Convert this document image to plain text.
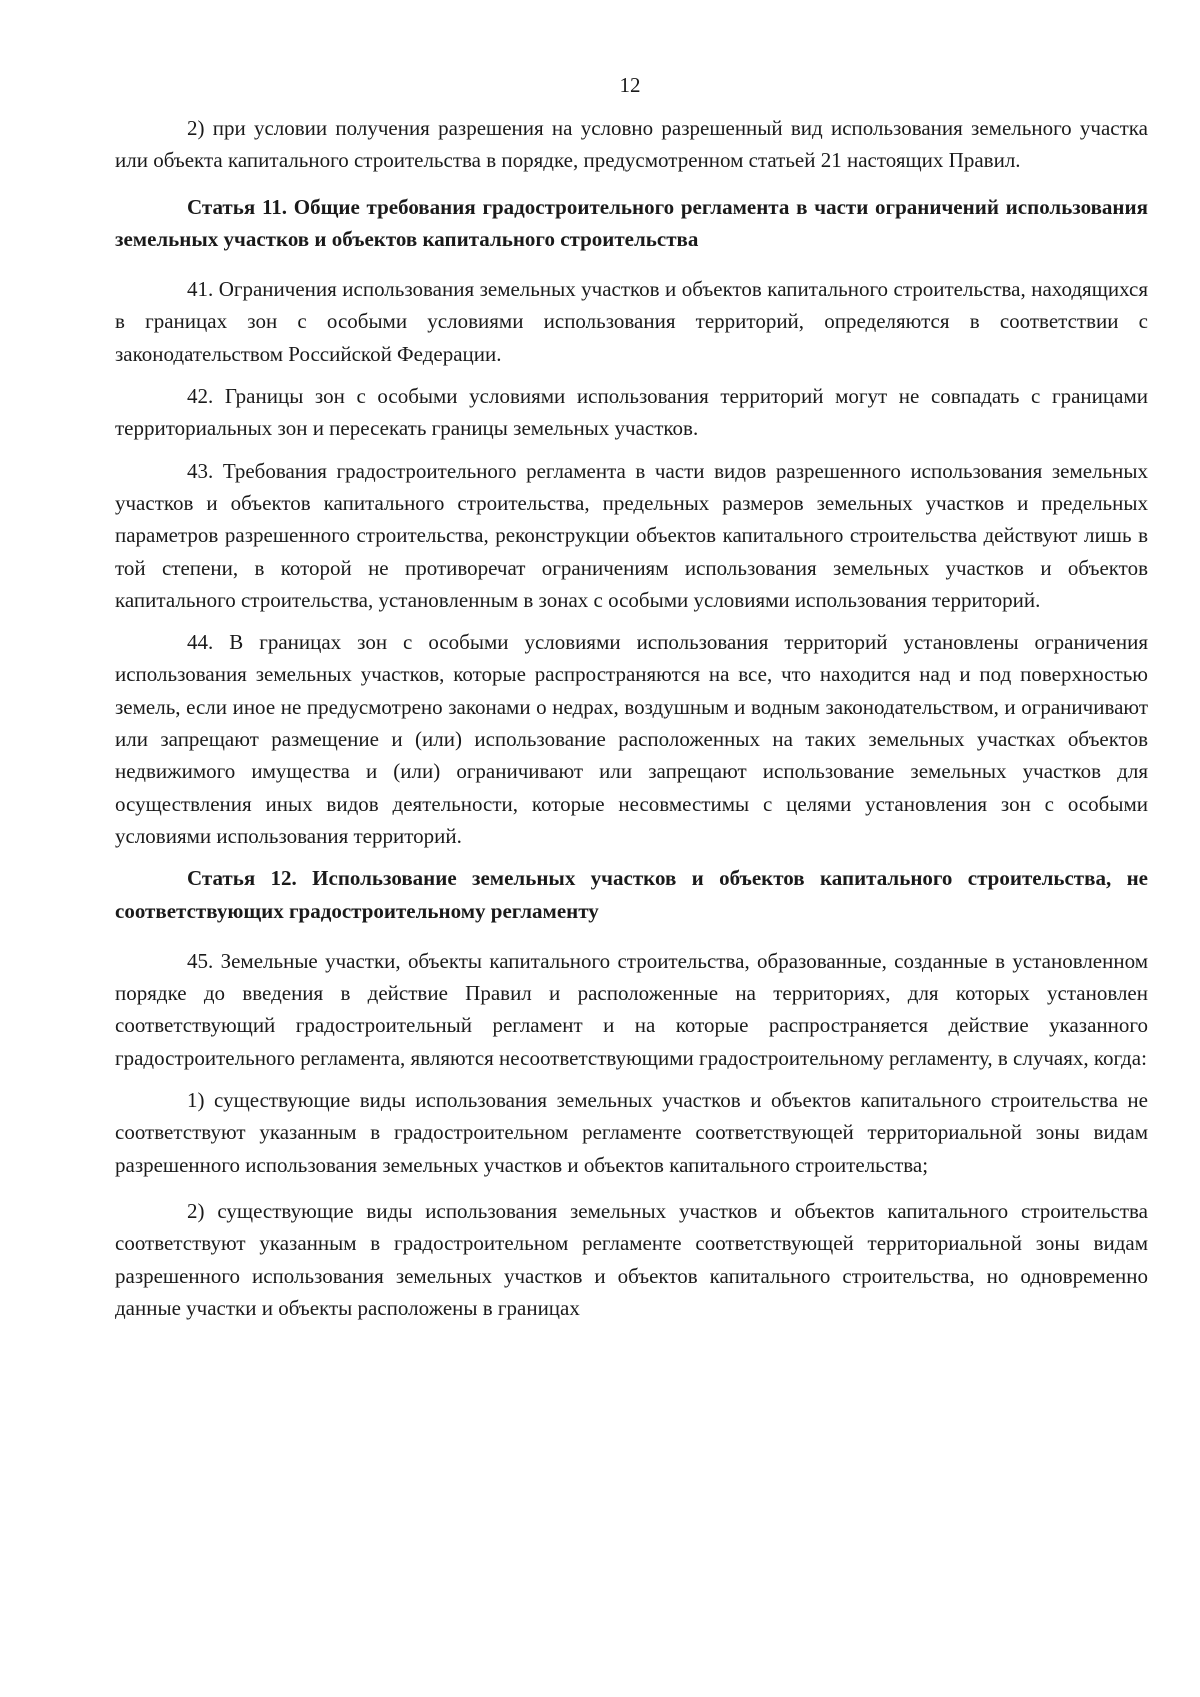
12

2) при условии получения разрешения на условно разрешенный вид использования земельного участка или объекта капитального строительства в порядке, предусмотренном статьей 21 настоящих Правил.

Статья 11. Общие требования градостроительного регламента в части ограничений использования земельных участков и объектов капитального строительства

41. Ограничения использования земельных участков и объектов капитального строительства, находящихся в границах зон с особыми условиями использования территорий, определяются в соответствии с законодательством Российской Федерации.

42. Границы зон с особыми условиями использования территорий могут не совпадать с границами территориальных зон и пересекать границы земельных участков.

43. Требования градостроительного регламента в части видов разрешенного использования земельных участков и объектов капитального строительства, предельных размеров земельных участков и предельных параметров разрешенного строительства, реконструкции объектов капитального строительства действуют лишь в той степени, в которой не противоречат ограничениям использования земельных участков и объектов капитального строительства, установленным в зонах с особыми условиями использования территорий.

44. В границах зон с особыми условиями использования территорий установлены ограничения использования земельных участков, которые распространяются на все, что находится над и под поверхностью земель, если иное не предусмотрено законами о недрах, воздушным и водным законодательством, и ограничивают или запрещают размещение и (или) использование расположенных на таких земельных участках объектов недвижимого имущества и (или) ограничивают или запрещают использование земельных участков для осуществления иных видов деятельности, которые несовместимы с целями установления зон с особыми условиями использования территорий.

Статья 12. Использование земельных участков и объектов капитального строительства, не соответствующих градостроительному регламенту

45. Земельные участки, объекты капитального строительства, образованные, созданные в установленном порядке до введения в действие Правил и расположенные на территориях, для которых установлен соответствующий градостроительный регламент и на которые распространяется действие указанного градостроительного регламента, являются несоответствующими градостроительному регламенту, в случаях, когда:

1) существующие виды использования земельных участков и объектов капитального строительства не соответствуют указанным в градостроительном регламенте соответствующей территориальной зоны видам разрешенного использования земельных участков и объектов капитального строительства;

2) существующие виды использования земельных участков и объектов капитального строительства соответствуют указанным в градостроительном регламенте соответствующей территориальной зоны видам разрешенного использования земельных участков и объектов капитального строительства, но одновременно данные участки и объекты расположены в границах
